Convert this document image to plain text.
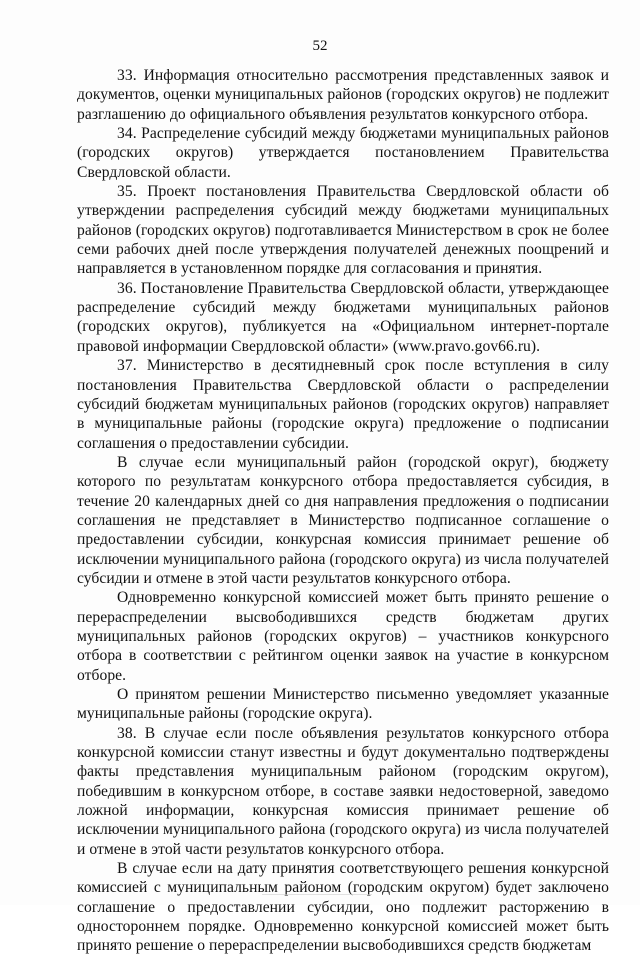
52

33. Информация относительно рассмотрения представленных заявок и документов, оценки муниципальных районов (городских округов) не подлежит разглашению до официального объявления результатов конкурсного отбора.

34. Распределение субсидий между бюджетами муниципальных районов (городских округов) утверждается постановлением Правительства Свердловской области.

35. Проект постановления Правительства Свердловской области об утверждении распределения субсидий между бюджетами муниципальных районов (городских округов) подготавливается Министерством в срок не более семи рабочих дней после утверждения получателей денежных поощрений и направляется в установленном порядке для согласования и принятия.

36. Постановление Правительства Свердловской области, утверждающее распределение субсидий между бюджетами муниципальных районов (городских округов), публикуется на «Официальном интернет-портале правовой информации Свердловской области» (www.pravo.gov66.ru).

37. Министерство в десятидневный срок после вступления в силу постановления Правительства Свердловской области о распределении субсидий бюджетам муниципальных районов (городских округов) направляет в муниципальные районы (городские округа) предложение о подписании соглашения о предоставлении субсидии.

В случае если муниципальный район (городской округ), бюджету которого по результатам конкурсного отбора предоставляется субсидия, в течение 20 календарных дней со дня направления предложения о подписании соглашения не представляет в Министерство подписанное соглашение о предоставлении субсидии, конкурсная комиссия принимает решение об исключении муниципального района (городского округа) из числа получателей субсидии и отмене в этой части результатов конкурсного отбора.

Одновременно конкурсной комиссией может быть принято решение о перераспределении высвободившихся средств бюджетам других муниципальных районов (городских округов) – участников конкурсного отбора в соответствии с рейтингом оценки заявок на участие в конкурсном отборе.

О принятом решении Министерство письменно уведомляет указанные муниципальные районы (городские округа).

38. В случае если после объявления результатов конкурсного отбора конкурсной комиссии станут известны и будут документально подтверждены факты представления муниципальным районом (городским округом), победившим в конкурсном отборе, в составе заявки недостоверной, заведомо ложной информации, конкурсная комиссия принимает решение об исключении муниципального района (городского округа) из числа получателей и отмене в этой части результатов конкурсного отбора.

В случае если на дату принятия соответствующего решения конкурсной комиссией с муниципальным районом (городским округом) будет заключено соглашение о предоставлении субсидии, оно подлежит расторжению в одностороннем порядке. Одновременно конкурсной комиссией может быть принято решение о перераспределении высвободившихся средств бюджетам
